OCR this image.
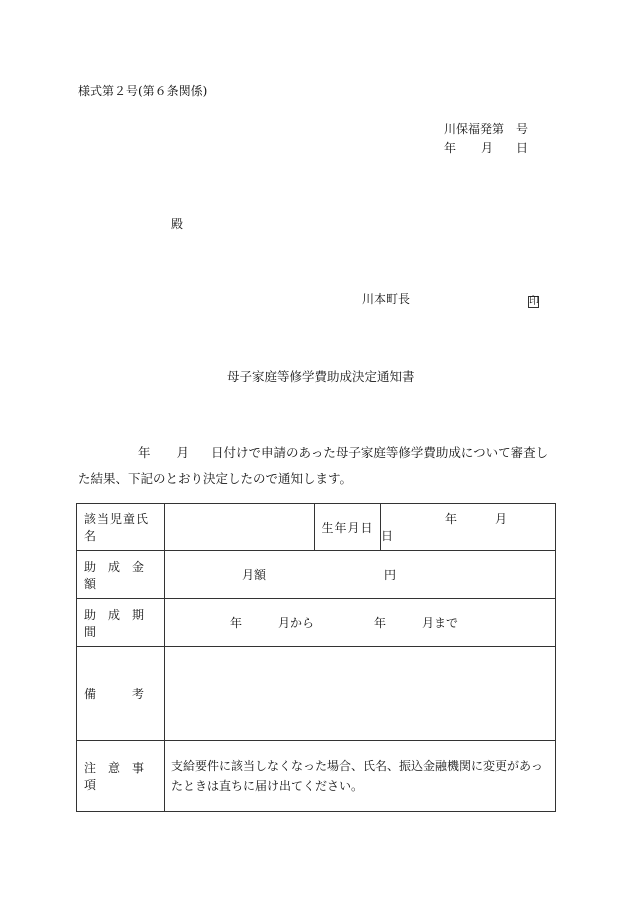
様式第２号(第６条関係)
川保福発第　号
年 月 日
殿
川本町長	印
母子家庭等修学費助成決定通知書
年 月 日付けで申請のあった母子家庭等修学費助成について審査した結果、下記のとおり決定したので通知します。
該当児童氏名		生年月日	年 月日

助　成　金　額	月額 円		

助　成　期　間	年 月から 年 月まで		

備　　　考			

注　意　事　項	支給要件に該当しなくなった場合、氏名、振込金融機関に変更があったときは直ちに届け出てください。		
